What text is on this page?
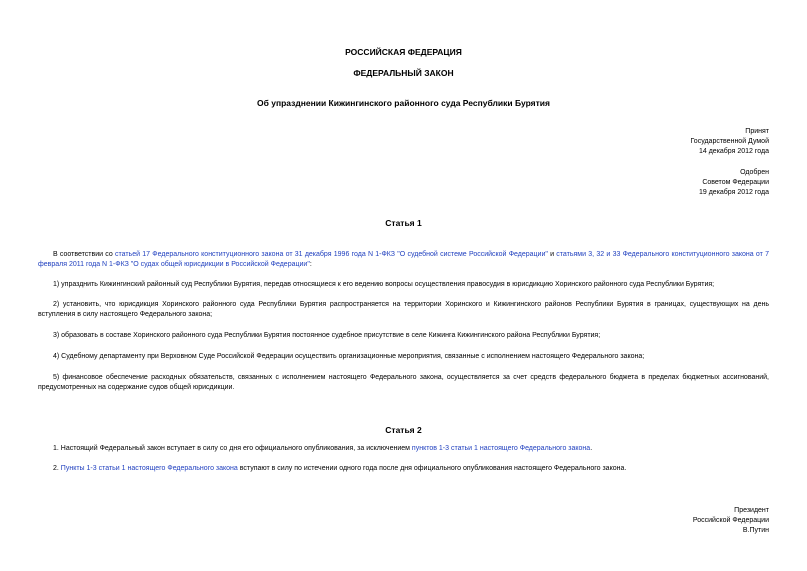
РОССИЙСКАЯ ФЕДЕРАЦИЯ
ФЕДЕРАЛЬНЫЙ ЗАКОН
Об упразднении Кижингинского районного суда Республики Бурятия
Принят
Государственной Думой
14 декабря 2012 года
Одобрен
Советом Федерации
19 декабря 2012 года
Статья 1
В соответствии со статьей 17 Федерального конституционного закона от 31 декабря 1996 года N 1-ФКЗ "О судебной системе Российской Федерации" и статьями 3, 32 и 33 Федерального конституционного закона от 7 февраля 2011 года N 1-ФКЗ "О судах общей юрисдикции в Российской Федерации":
1) упразднить Кижингинский районный суд Республики Бурятия, передав относящиеся к его ведению вопросы осуществления правосудия в юрисдикцию Хоринского районного суда Республики Бурятия;
2) установить, что юрисдикция Хоринского районного суда Республики Бурятия распространяется на территории Хоринского и Кижингинского районов Республики Бурятия в границах, существующих на день вступления в силу настоящего Федерального закона;
3) образовать в составе Хоринского районного суда Республики Бурятия постоянное судебное присутствие в селе Кижинга Кижингинского района Республики Бурятия;
4) Судебному департаменту при Верховном Суде Российской Федерации осуществить организационные мероприятия, связанные с исполнением настоящего Федерального закона;
5) финансовое обеспечение расходных обязательств, связанных с исполнением настоящего Федерального закона, осуществляется за счет средств федерального бюджета в пределах бюджетных ассигнований, предусмотренных на содержание судов общей юрисдикции.
Статья 2
1. Настоящий Федеральный закон вступает в силу со дня его официального опубликования, за исключением пунктов 1-3 статьи 1 настоящего Федерального закона.
2. Пункты 1-3 статьи 1 настоящего Федерального закона вступают в силу по истечении одного года после дня официального опубликования настоящего Федерального закона.
Президент
Российской Федерации
В.Путин
